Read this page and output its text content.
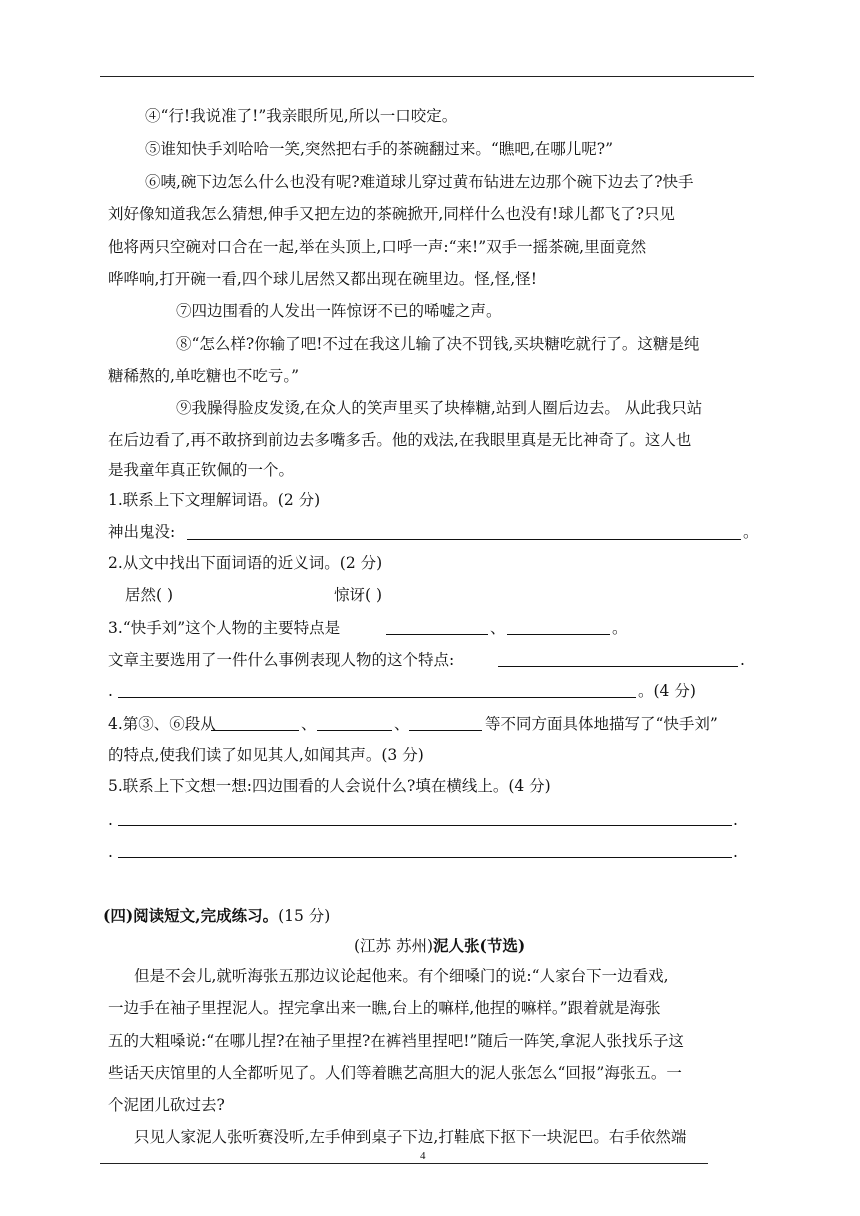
④“行!我说准了!”我亲眼所见,所以一口咬定。
⑤谁知快手刘哈哈一笑,突然把右手的茶碗翻过来。“瞧吧,在哪儿呢?”
⑥咦,碗下边怎么什么也没有呢?难道球儿穿过黄布钻进左边那个碗下边去了?快手
刘好像知道我怎么猜想,伸手又把左边的茶碗掀开,同样什么也没有!球儿都飞了?只见
他将两只空碗对口合在一起,举在头顶上,口呼一声:“来!”双手一摇茶碗,里面竟然
哗哗响,打开碗一看,四个球儿居然又都出现在碗里边。怪,怪,怪!
⑦四边围看的人发出一阵惊讶不已的唏嘘之声。
⑧“怎么样?你输了吧!不过在我这儿输了决不罚钱,买块糖吃就行了。这糖是纯
糖稀熬的,单吃糖也不吃亏。”
⑨我臊得脸皮发烫,在众人的笑声里买了块棒糖,站到人圈后边去。 从此我只站
在后边看了,再不敢挤到前边去多嘴多舌。他的戏法,在我眼里真是无比神奇了。这人也
是我童年真正钦佩的一个。
1.联系上下文理解词语。(2 分)
神出鬼没:	。
2.从文中找出下面词语的近义词。(2 分)
居然( )	惊讶( )
3.“快手刘”这个人物的主要特点是	、	。
文章主要选用了一件什么事例表现人物的这个特点:	.
.	。(4 分)
4.第③、⑥段从	、	、	等不同方面具体地描写了“快手刘”
的特点,使我们读了如见其人,如闻其声。(3 分)
5.联系上下文想一想:四边围看的人会说什么?填在横线上。(4 分)
.	.
.	.
(四)阅读短文,完成练习。(15 分)
(江苏 苏州)泥人张(节选)
但是不会儿,就听海张五那边议论起他来。有个细嗓门的说:“人家台下一边看戏,
一边手在袖子里捏泥人。捏完拿出来一瞧,台上的嘛样,他捏的嘛样。”跟着就是海张
五的大粗嗓说:“在哪儿捏?在袖子里捏?在裤裆里捏吧!”随后一阵笑,拿泥人张找乐子这
些话天庆馆里的人全都听见了。人们等着瞧艺高胆大的泥人张怎么“回报”海张五。一
个泥团儿砍过去?
只见人家泥人张听赛没听,左手伸到桌子下边,打鞋底下抠下一块泥巴。右手依然端
4
